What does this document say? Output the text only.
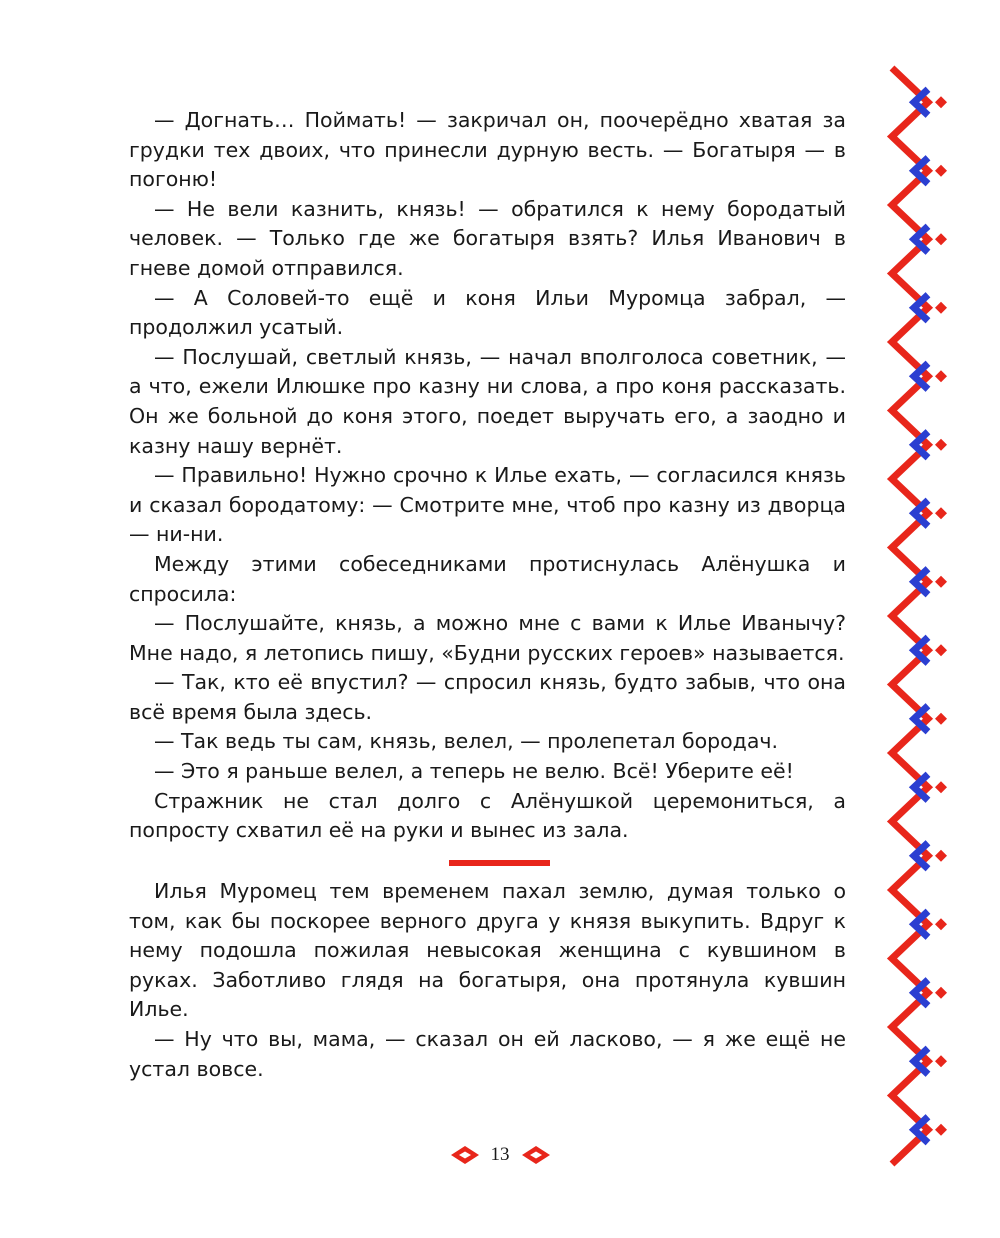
— Догнать… Поймать! — закричал он, поочерёдно хватая за грудки тех двоих, что принесли дурную весть. — Богатыря — в погоню!

— Не вели казнить, князь! — обратился к нему бородатый человек. — Только где же богатыря взять? Илья Иванович в гневе домой отправился.

— А Соловей-то ещё и коня Ильи Муромца забрал, — продолжил усатый.

— Послушай, светлый князь, — начал вполголоса советник, — а что, ежели Илюшке про казну ни слова, а про коня рассказать. Он же больной до коня этого, поедет выручать его, а заодно и казну нашу вернёт.

— Правильно! Нужно срочно к Илье ехать, — согласился князь и сказал бородатому: — Смотрите мне, чтоб про казну из дворца — ни-ни.

Между этими собеседниками протиснулась Алёнушка и спросила:

— Послушайте, князь, а можно мне с вами к Илье Иванычу? Мне надо, я летопись пишу, «Будни русских героев» называется.

— Так, кто её впустил? — спросил князь, будто забыв, что она всё время была здесь.

— Так ведь ты сам, князь, велел, — пролепетал бородач.

— Это я раньше велел, а теперь не велю. Всё! Уберите её!

Стражник не стал долго с Алёнушкой церемониться, а попросту схватил её на руки и вынес из зала.

Илья Муромец тем временем пахал землю, думая только о том, как бы поскорее верного друга у князя выкупить. Вдруг к нему подошла пожилая невысокая женщина с кувшином в руках. Заботливо глядя на богатыря, она протянула кувшин Илье.

— Ну что вы, мама, — сказал он ей ласково, — я же ещё не устал вовсе.

13
